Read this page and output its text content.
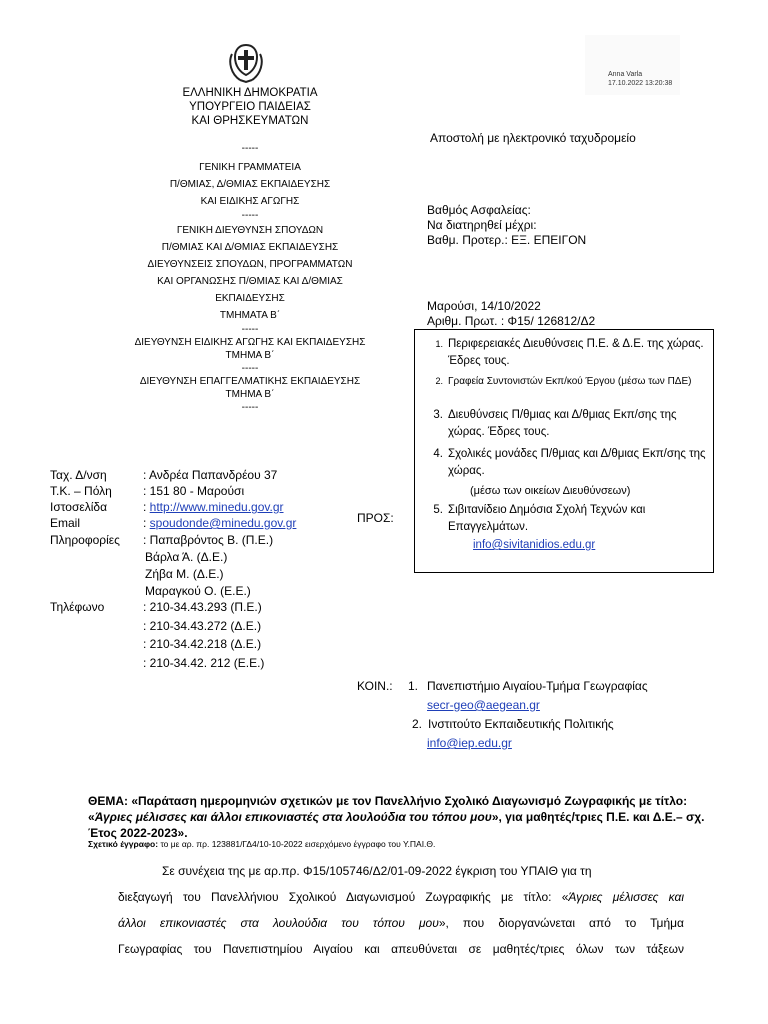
ΕΛΛΗΝΙΚΗ ΔΗΜΟΚΡΑΤΙΑ
ΥΠΟΥΡΓΕΙΟ ΠΑΙΔΕΙΑΣ
ΚΑΙ ΘΡΗΣΚΕΥΜΑΤΩΝ
-----
ΓΕΝΙΚΗ ΓΡΑΜΜΑΤΕΙΑ
Π/ΘΜΙΑΣ, Δ/ΘΜΙΑΣ ΕΚΠΑΙΔΕΥΣΗΣ
ΚΑΙ ΕΙΔΙΚΗΣ ΑΓΩΓΗΣ
-----
ΓΕΝΙΚΗ ΔΙΕΥΘΥΝΣΗ ΣΠΟΥΔΩΝ
Π/ΘΜΙΑΣ ΚΑΙ Δ/ΘΜΙΑΣ ΕΚΠΑΙΔΕΥΣΗΣ
ΔΙΕΥΘΥΝΣΕΙΣ ΣΠΟΥΔΩΝ, ΠΡΟΓΡΑΜΜΑΤΩΝ
ΚΑΙ ΟΡΓΑΝΩΣΗΣ Π/ΘΜΙΑΣ ΚΑΙ Δ/ΘΜΙΑΣ
ΕΚΠΑΙΔΕΥΣΗΣ
ΤΜΗΜΑΤΑ Β΄
-----
ΔΙΕΥΘΥΝΣΗ ΕΙΔΙΚΗΣ ΑΓΩΓΗΣ ΚΑΙ ΕΚΠΑΙΔΕΥΣΗΣ
ΤΜΗΜΑ Β΄
-----
ΔΙΕΥΘΥΝΣΗ ΕΠΑΓΓΕΛΜΑΤΙΚΗΣ ΕΚΠΑΙΔΕΥΣΗΣ
ΤΜΗΜΑ Β΄
-----
Anna Varla
17.10.2022 13:20:38
Αποστολή με ηλεκτρονικό ταχυδρομείο
Βαθμός Ασφαλείας:
Να διατηρηθεί μέχρι:
Βαθμ. Προτερ.: ΕΞ. ΕΠΕΙΓΟΝ
Μαρούσι, 14/10/2022
Αριθμ. Πρωτ. : Φ15/ 126812/Δ2
Ταχ. Δ/νση	: Ανδρέα Παπανδρέου 37
Τ.Κ. – Πόλη	: 151 80 - Μαρούσι
Ιστοσελίδα	: http://www.minedu.gov.gr
Email	: spoudonde@minedu.gov.gr
Πληροφορίες : Παπαβρόντος Β. (Π.Ε.)
Βάρλα Ά. (Δ.Ε.)
Ζήβα Μ. (Δ.Ε.)
Μαραγκού Ο. (Ε.Ε.)
Τηλέφωνο	: 210-34.43.293 (Π.Ε.)
: 210-34.43.272 (Δ.Ε.)
: 210-34.42.218 (Δ.Ε.)
: 210-34.42. 212 (Ε.Ε.)
ΠΡΟΣ:
1. Περιφερειακές Διευθύνσεις Π.Ε. & Δ.Ε. της χώρας. Έδρες τους.
2. Γραφεία Συντονιστών Εκπ/κού Έργου (μέσω των ΠΔΕ)
3. Διευθύνσεις Π/θμιας και Δ/θμιας Εκπ/σης της χώρας. Έδρες τους.
4. Σχολικές μονάδες Π/θμιας και Δ/θμιας Εκπ/σης της χώρας.
(μέσω των οικείων Διευθύνσεων)
5. Σιβιτανίδειο Δημόσια Σχολή Τεχνών και Επαγγελμάτων.
info@sivitanidios.edu.gr
ΚΟΙΝ.: 1. Πανεπιστήμιο Αιγαίου-Τμήμα Γεωγραφίας
secr-geo@aegean.gr
2. Ινστιτούτο Εκπαιδευτικής Πολιτικής
info@iep.edu.gr
ΘΕΜΑ: «Παράταση ημερομηνιών σχετικών με τον Πανελλήνιο Σχολικό Διαγωνισμό Ζωγραφικής με τίτλο: «Άγριες μέλισσες και άλλοι επικονιαστές στα λουλούδια του τόπου μου», για μαθητές/τριες Π.Ε. και Δ.Ε.– σχ. Έτος 2022-2023».
Σχετικό έγγραφο: το με αρ. πρ. 123881/ΓΔ4/10-10-2022 εισερχόμενο έγγραφο του Υ.ΠΑΙ.Θ.
Σε συνέχεια της με αρ.πρ. Φ15/105746/Δ2/01-09-2022 έγκριση του ΥΠΑΙΘ για τη
διεξαγωγή του Πανελλήνιου Σχολικού Διαγωνισμού Ζωγραφικής με τίτλο: «Άγριες μέλισσες και
άλλοι επικονιαστές στα λουλούδια του τόπου μου», που διοργανώνεται από το Τμήμα
Γεωγραφίας του Πανεπιστημίου Αιγαίου και απευθύνεται σε μαθητές/τριες όλων των τάξεων
